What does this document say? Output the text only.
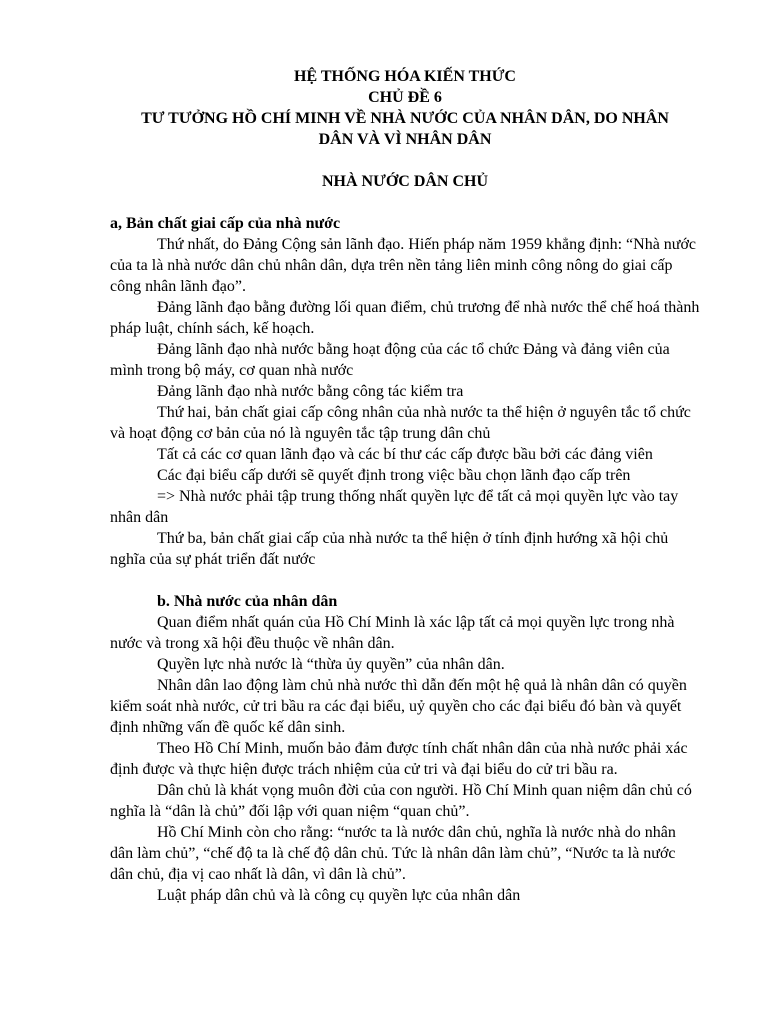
HỆ THỐNG HÓA KIẾN THỨC
CHỦ ĐỀ 6
TƯ TƯỞNG HỒ CHÍ MINH VỀ NHÀ NƯỚC CỦA NHÂN DÂN, DO NHÂN DÂN VÀ VÌ NHÂN DÂN
NHÀ NƯỚC DÂN CHỦ
a, Bản chất giai cấp của nhà nước
Thứ nhất, do Đảng Cộng sản lãnh đạo. Hiến pháp năm 1959 khẳng định: “Nhà nước của ta là nhà nước dân chủ nhân dân, dựa trên nền tảng liên minh công nông do giai cấp công nhân lãnh đạo”.
Đảng lãnh đạo bằng đường lối quan điểm, chủ trương để nhà nước thể chế hoá thành pháp luật, chính sách, kế hoạch.
Đảng lãnh đạo nhà nước bằng hoạt động của các tổ chức Đảng và đảng viên của mình trong bộ máy, cơ quan nhà nước
Đảng lãnh đạo nhà nước bằng công tác kiểm tra
Thứ hai, bản chất giai cấp công nhân của nhà nước ta thể hiện ở nguyên tắc tổ chức và hoạt động cơ bản của nó là nguyên tắc tập trung dân chủ
Tất cả các cơ quan lãnh đạo và các bí thư các cấp được bầu bởi các đảng viên
Các đại biểu cấp dưới sẽ quyết định trong việc bầu chọn lãnh đạo cấp trên
=> Nhà nước phải tập trung thống nhất quyền lực để tất cả mọi quyền lực vào tay nhân dân
Thứ ba, bản chất giai cấp của nhà nước ta thể hiện ở tính định hướng xã hội chủ nghĩa của sự phát triển đất nước
b. Nhà nước của nhân dân
Quan điểm nhất quán của Hồ Chí Minh là xác lập tất cả mọi quyền lực trong nhà nước và trong xã hội đều thuộc về nhân dân.
Quyền lực nhà nước là “thừa ủy quyền” của nhân dân.
Nhân dân lao động làm chủ nhà nước thì dẫn đến một hệ quả là nhân dân có quyền kiểm soát nhà nước, cử tri bầu ra các đại biểu, uỷ quyền cho các đại biểu đó bàn và quyết định những vấn đề quốc kế dân sinh.
Theo Hồ Chí Minh, muốn bảo đảm được tính chất nhân dân của nhà nước phải xác định được và thực hiện được trách nhiệm của cử tri và đại biểu do cử tri bầu ra.
Dân chủ là khát vọng muôn đời của con người. Hồ Chí Minh quan niệm dân chủ có nghĩa là “dân là chủ” đối lập với quan niệm “quan chủ”.
Hồ Chí Minh còn cho rằng: “nước ta là nước dân chủ, nghĩa là nước nhà do nhân dân làm chủ”, “chế độ ta là chế độ dân chủ. Tức là nhân dân làm chủ”, “Nước ta là nước dân chủ, địa vị cao nhất là dân, vì dân là chủ”.
Luật pháp dân chủ và là công cụ quyền lực của nhân dân
